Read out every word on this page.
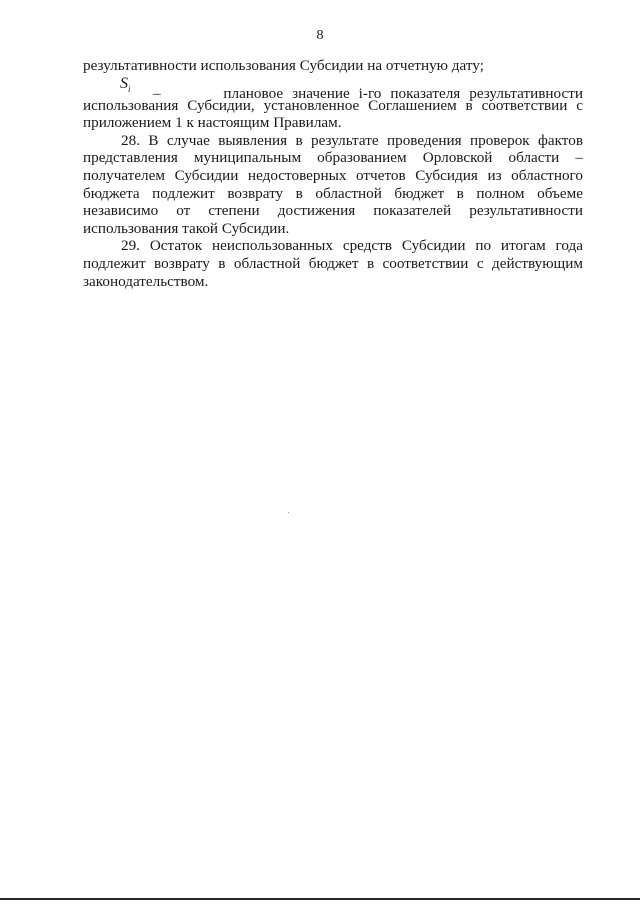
8
результативности использования Субсидии на отчетную дату;
$S_i$ –	плановое значение i-го показателя результативности
использования Субсидии, установленное Соглашением в соответствии с
приложением 1 к настоящим Правилам.
28. В случае выявления в результате проведения проверок фактов
представления муниципальным образованием Орловской области –
получателем Субсидии недостоверных отчетов Субсидия из областного
бюджета подлежит возврату в областной бюджет в полном объеме
независимо от степени достижения показателей результативности
использования такой Субсидии.
29. Остаток неиспользованных средств Субсидии по итогам года
подлежит возврату в областной бюджет в соответствии с действующим
законодательством.
